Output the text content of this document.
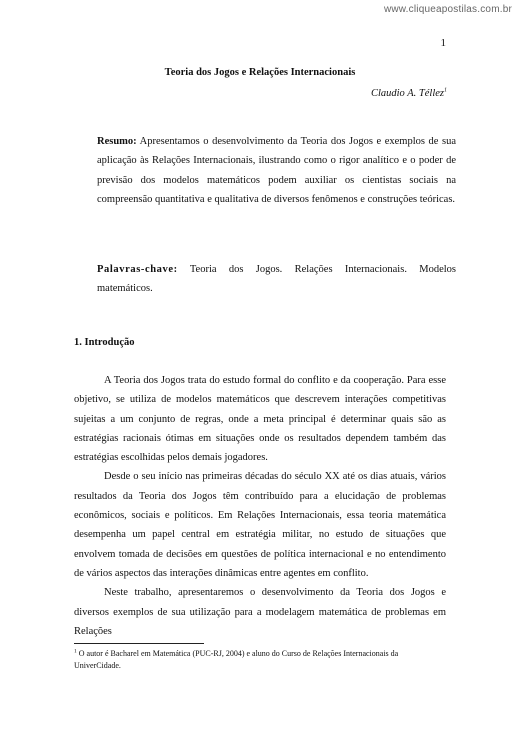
www.cliqueapostilas.com.br
1
Teoria dos Jogos e Relações Internacionais
Claudio A. Téllez$^1$
Resumo: Apresentamos o desenvolvimento da Teoria dos Jogos e exemplos de sua aplicação às Relações Internacionais, ilustrando como o rigor analítico e o poder de previsão dos modelos matemáticos podem auxiliar os cientistas sociais na compreensão quantitativa e qualitativa de diversos fenômenos e construções teóricas.
Palavras-chave: Teoria dos Jogos. Relações Internacionais. Modelos matemáticos.
1. Introdução

A Teoria dos Jogos trata do estudo formal do conflito e da cooperação. Para esse objetivo, se utiliza de modelos matemáticos que descrevem interações competitivas sujeitas a um conjunto de regras, onde a meta principal é determinar quais são as estratégias racionais ótimas em situações onde os resultados dependem também das estratégias escolhidas pelos demais jogadores.

Desde o seu início nas primeiras décadas do século XX até os dias atuais, vários resultados da Teoria dos Jogos têm contribuído para a elucidação de problemas econômicos, sociais e políticos. Em Relações Internacionais, essa teoria matemática desempenha um papel central em estratégia militar, no estudo de situações que envolvem tomada de decisões em questões de política internacional e no entendimento de vários aspectos das interações dinâmicas entre agentes em conflito.

Neste trabalho, apresentaremos o desenvolvimento da Teoria dos Jogos e diversos exemplos de sua utilização para a modelagem matemática de problemas em Relações

$^1$ O autor é Bacharel em Matemática (PUC-RJ, 2004) e aluno do Curso de Relações Internacionais da UniverCidade.
